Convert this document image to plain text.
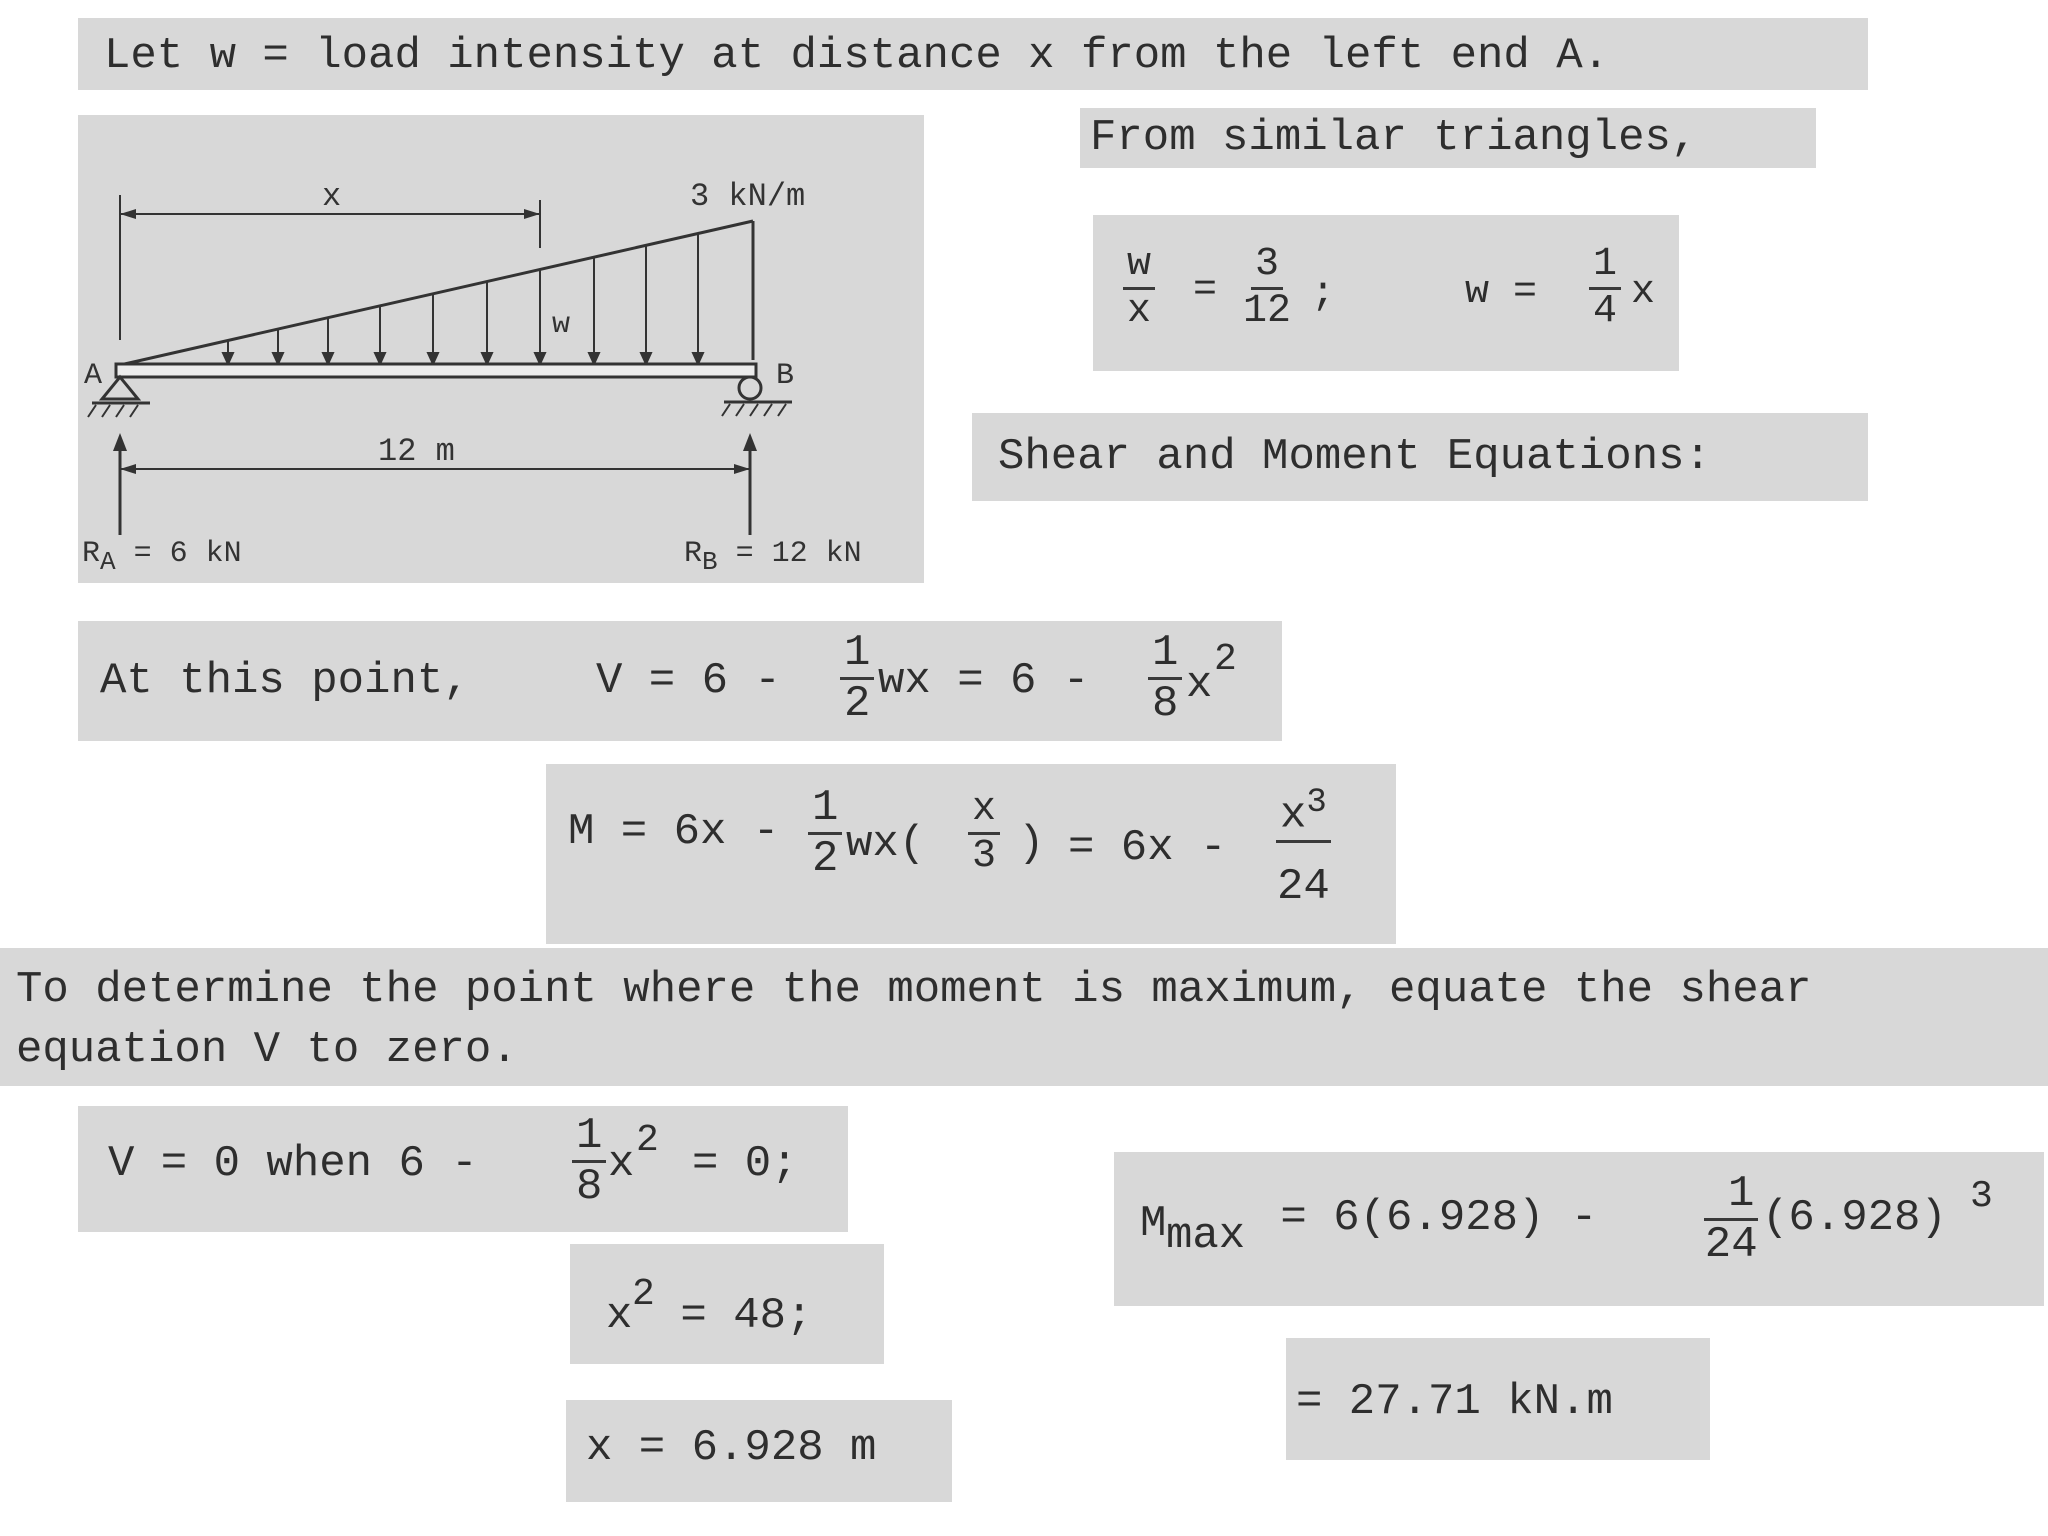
Let w = load intensity at distance x from the left end A.
x	3 kN/m
w
A	B
12 m
RA = 6 kN	RB = 12 kN
From similar triangles,
$\frac{w}{x} = \frac{3}{12}$ ;	$w = \frac{1}{4}$ x
Shear and Moment Equations:
At this point,	$V = 6 - \frac{1}{2}$ wx = $6 - \frac{1}{8}$ x
2
$M = 6x - \frac{1}{2} wx( \frac{x}{3}$ ) = $6x - \frac{x^3}{24}$
To determine the point where the moment is maximum, equate the shear
equation V to zero.
V = 0 when $6 - \frac{1}{8}$ x 2 = 0;
x 2 = 48;
x = 6.928 m
M $\max = 6(6.928) - \frac{1}{24} (6.928)$ 3
= 27.71 kN.m
